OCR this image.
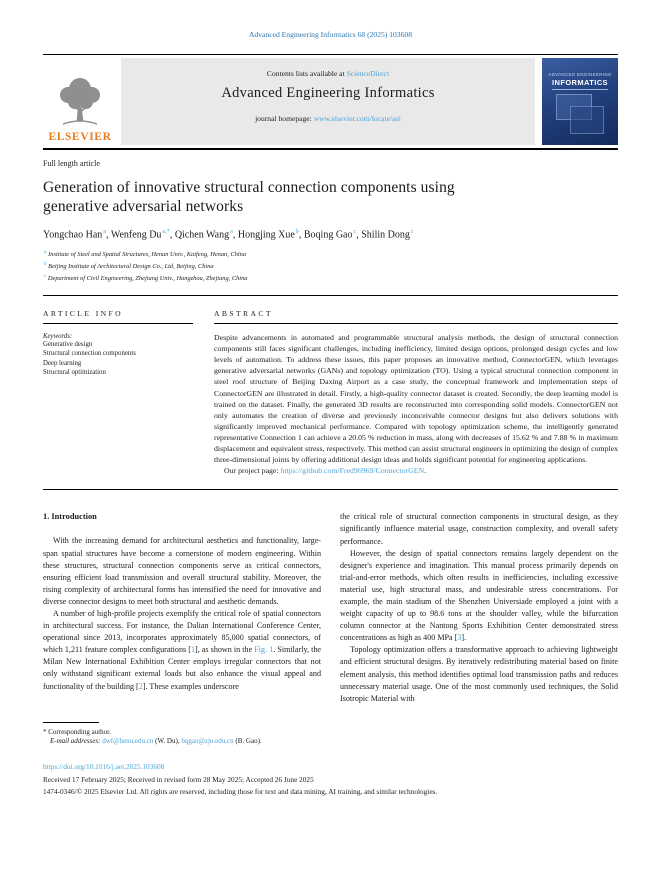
Advanced Engineering Informatics 68 (2025) 103608
ELSEVIER
Contents lists available at ScienceDirect
Advanced Engineering Informatics
journal homepage: www.elsevier.com/locate/aei
ADVANCED ENGINEERING
INFORMATICS
Full length article
Generation of innovative structural connection components using
generative adversarial networks
Yongchao Han$^a$, Wenfeng $Du^{a,*}$, Qichen Wang$^a$, Hongjing Xue$^b$, Boqing Gao$^c$, Shilin Dong$^c$
$^a$ Institute of Steel and Spatial Structures, Henan Univ., Kaifeng, Henan, China
$^b$ Beijing Institute of Architectural Design Co., Ltd, Beijing, China
$^c$ Department of Civil Engineering, Zhejiang Univ., Hangzhou, Zhejiang, China
ARTICLE INFO
Keywords:
Generative design
Structural connection components
Deep learning
Structural optimization
ABSTRACT
Despite advancements in automated and programmable structural analysis methods, the design of structural connection components still faces significant challenges, including inefficiency, limited design options, prolonged design cycles and low levels of automation. To address these issues, this paper proposes an innovative method, ConnectorGEN, which leverages generative adversarial networks (GANs) and topology optimization (TO). Using a typical structural connection component in steel roof structure of Beijing Daxing Airport as a case study, the conceptual framework and implementation steps of ConnectorGEN are illustrated in detail. Firstly, a high-quality connector dataset is created. Secondly, the deep learning model is trained on the dataset. Finally, the generated 3D results are reconstructed into corresponding solid models. ConnectorGEN not only automates the creation of diverse and previously inconceivable connector designs but also delivers solutions with significantly improved mechanical performance. Compared with topology optimization scheme, the intelligently generated representative Connection 1 can achieve a 20.05 % reduction in mass, along with decreases of 15.62 % and 7.88 % in maximum displacement and equivalent stress, respectively. This method can assist structural engineers in optimizing the design of complex three-dimensional joints by offering additional design ideas and holds significant potential for engineering applications.
Our project page: https://github.com/Fred96969/ConnectorGEN.
1. Introduction

With the increasing demand for architectural aesthetics and functionality, large-span spatial structures have become a cornerstone of modern engineering. Within these structures, structural connection components serve as critical connectors, ensuring efficient load transmission and overall structural stability. Moreover, the rising complexity of architectural forms has intensified the need for innovative and diverse connector designs to meet both structural and aesthetic demands.

A number of high-profile projects exemplify the critical role of spatial connectors in architectural success. For instance, the Dalian International Conference Center, operational since 2013, incorporates approximately 85,000 spatial connectors, of which 1,211 feature complex configurations [1], as shown in the Fig. 1. Similarly, the Milan New International Exhibition Center employs irregular connectors that not only withstand significant external loads but also enhance the visual appeal and functionality of the building [2]. These examples underscore

the critical role of structural connection components in structural design, as they significantly influence material usage, construction complexity, and overall safety performance.

However, the design of spatial connectors remains largely dependent on the designer's experience and imagination. This manual process primarily depends on trial-and-error methods, which often results in inefficiencies, including excessive material use, high structural mass, and undesirable stress concentrations. For example, the main stadium of the Shenzhen Universiade employed a joint with a weight capacity of up to 98.6 tons at the shoulder valley, while the bifurcation column connector at the Nantong Sports Exhibition Center demonstrated stress concentrations as high as 400 MPa [3].

Topology optimization offers a transformative approach to achieving lightweight and efficient structural designs. By iteratively redistributing material based on finite element analysis, this method identifies optimal load transmission paths and reduces unnecessary material usage. One of the most commonly used techniques, the Solid Isotropic Material with

* Corresponding author.
E-mail addresses: dwf@henu.edu.cn (W. Du), bqgao@zju.edu.cn (B. Gao).
https://doi.org/10.1016/j.aei.2025.103608
Received 17 February 2025; Received in revised form 28 May 2025; Accepted 26 June 2025
1474-0346/© 2025 Elsevier Ltd. All rights are reserved, including those for text and data mining, AI training, and similar technologies.
